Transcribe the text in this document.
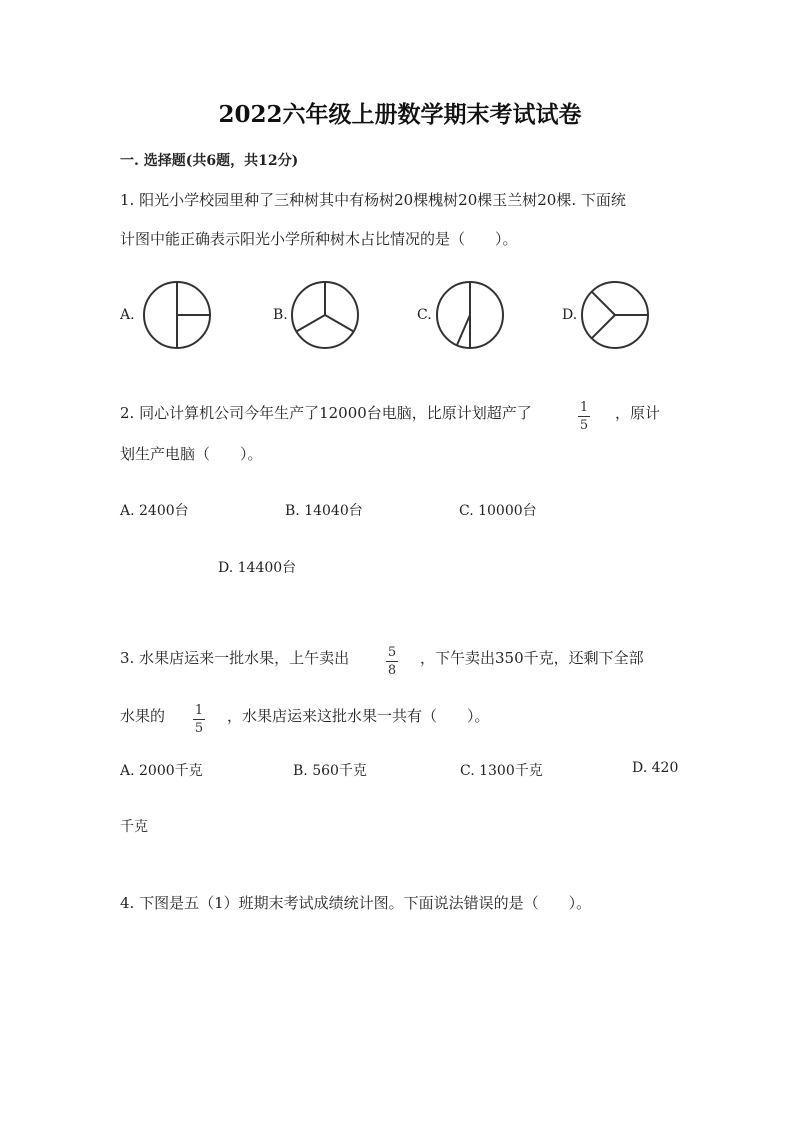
2022六年级上册数学期末考试试卷
一. 选择题(共6题，共12分)
1. 阳光小学校园里种了三种树其中有杨树20棵槐树20棵玉兰树20棵. 下面统
计图中能正确表示阳光小学所种树木占比情况的是（　　）。
A.	B.	C.	D.
2. 同心计算机公司今年生产了12000台电脑，比原计划超产了	$\frac{1}{5}$ ，原计
划生产电脑（　　）。
A. 2400台	B. 14040台	C. 10000台
D. 14400台
3. 水果店运来一批水果，上午卖出	$\frac{5}{8}$ ，下午卖出350千克，还剩下全部
水果的 $\frac{1}{5}$ ，水果店运来这批水果一共有（　　）。
A. 2000千克	B. 560千克	C. 1300千克	D. 420
千克
4. 下图是五（1）班期末考试成绩统计图。下面说法错误的是（　　）。
